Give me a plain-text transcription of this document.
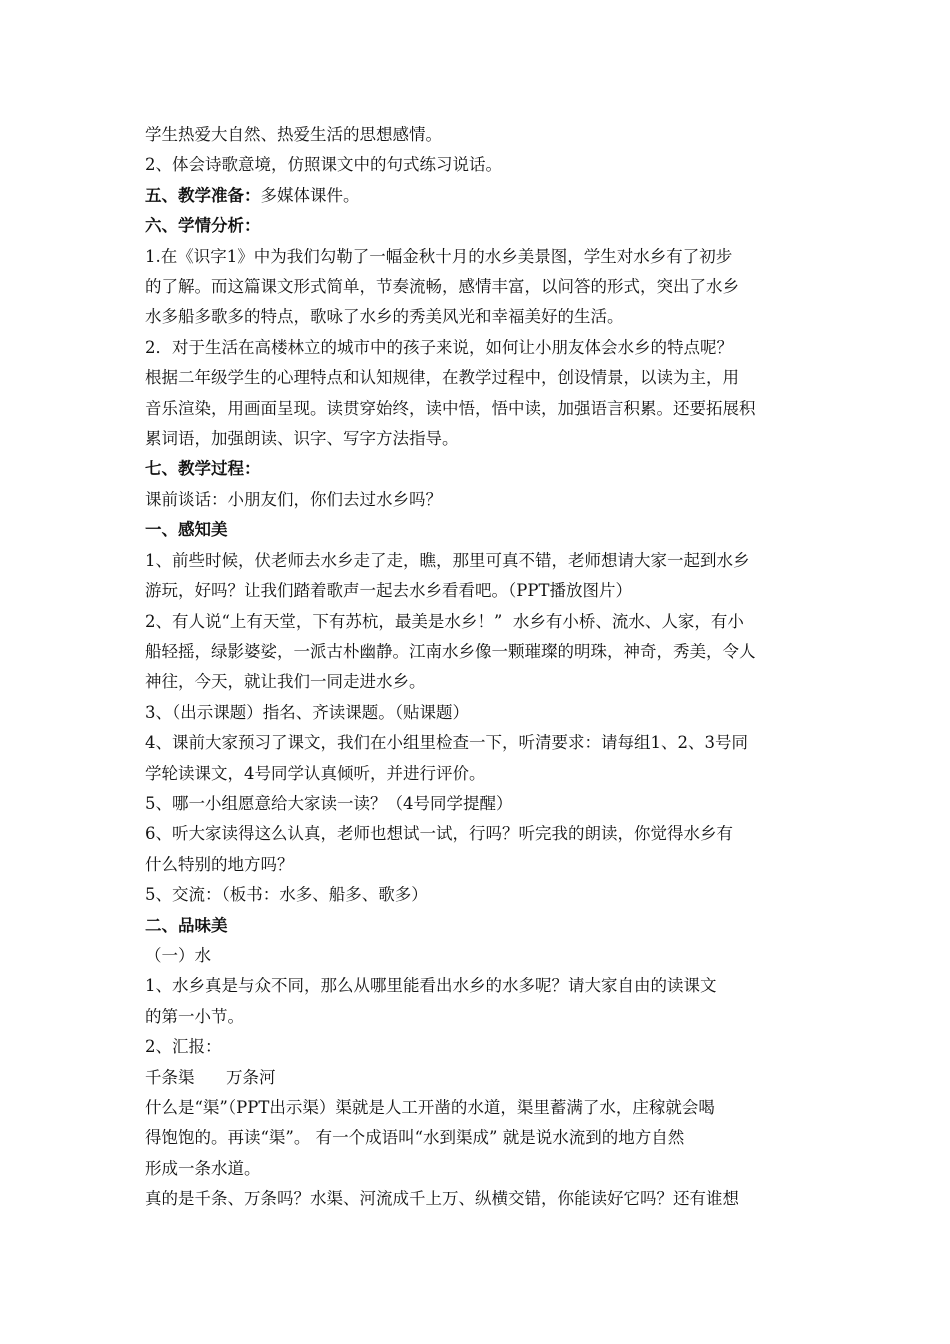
学生热爱大自然、热爱生活的思想感情。

2、体会诗歌意境，仿照课文中的句式练习说话。

五、教学准备：多媒体课件。

六、学情分析：

1.在《识字1》中为我们勾勒了一幅金秋十月的水乡美景图，学生对水乡有了初步

的了解。而这篇课文形式简单，节奏流畅，感情丰富，以问答的形式，突出了水乡

水多船多歌多的特点，歌咏了水乡的秀美风光和幸福美好的生活。

2．对于生活在高楼林立的城市中的孩子来说，如何让小朋友体会水乡的特点呢？

根据二年级学生的心理特点和认知规律，在教学过程中，创设情景，以读为主，用

音乐渲染，用画面呈现。读贯穿始终，读中悟，悟中读，加强语言积累。还要拓展积

累词语，加强朗读、识字、写字方法指导。

七、教学过程：

课前谈话：小朋友们，你们去过水乡吗？

一、感知美

1、前些时候，伏老师去水乡走了走，瞧，那里可真不错，老师想请大家一起到水乡

游玩，好吗？让我们踏着歌声一起去水乡看看吧。（PPT播放图片）

2、有人说“上有天堂，下有苏杭，最美是水乡！”  水乡有小桥、流水、人家，有小

船轻摇，绿影婆娑，一派古朴幽静。江南水乡像一颗璀璨的明珠，神奇，秀美，令人

神往，今天，就让我们一同走进水乡。

3、（出示课题）指名、齐读课题。（贴课题）

4、课前大家预习了课文，我们在小组里检查一下，听清要求：请每组1、2、3号同

学轮读课文，4号同学认真倾听，并进行评价。

5、哪一小组愿意给大家读一读？（4号同学提醒）

6、听大家读得这么认真，老师也想试一试，行吗？听完我的朗读，你觉得水乡有

什么特别的地方吗？

5、交流：（板书：水多、船多、歌多）

二、品味美

（一）水

1、水乡真是与众不同，那么从哪里能看出水乡的水多呢？请大家自由的读课文

的第一小节。

2、汇报：

千条渠      万条河

什么是“渠”（PPT出示渠）渠就是人工开凿的水道，渠里蓄满了水，庄稼就会喝

得饱饱的。再读“渠”。 有一个成语叫“水到渠成” 就是说水流到的地方自然

形成一条水道。

真的是千条、万条吗？水渠、河流成千上万、纵横交错，你能读好它吗？还有谁想
